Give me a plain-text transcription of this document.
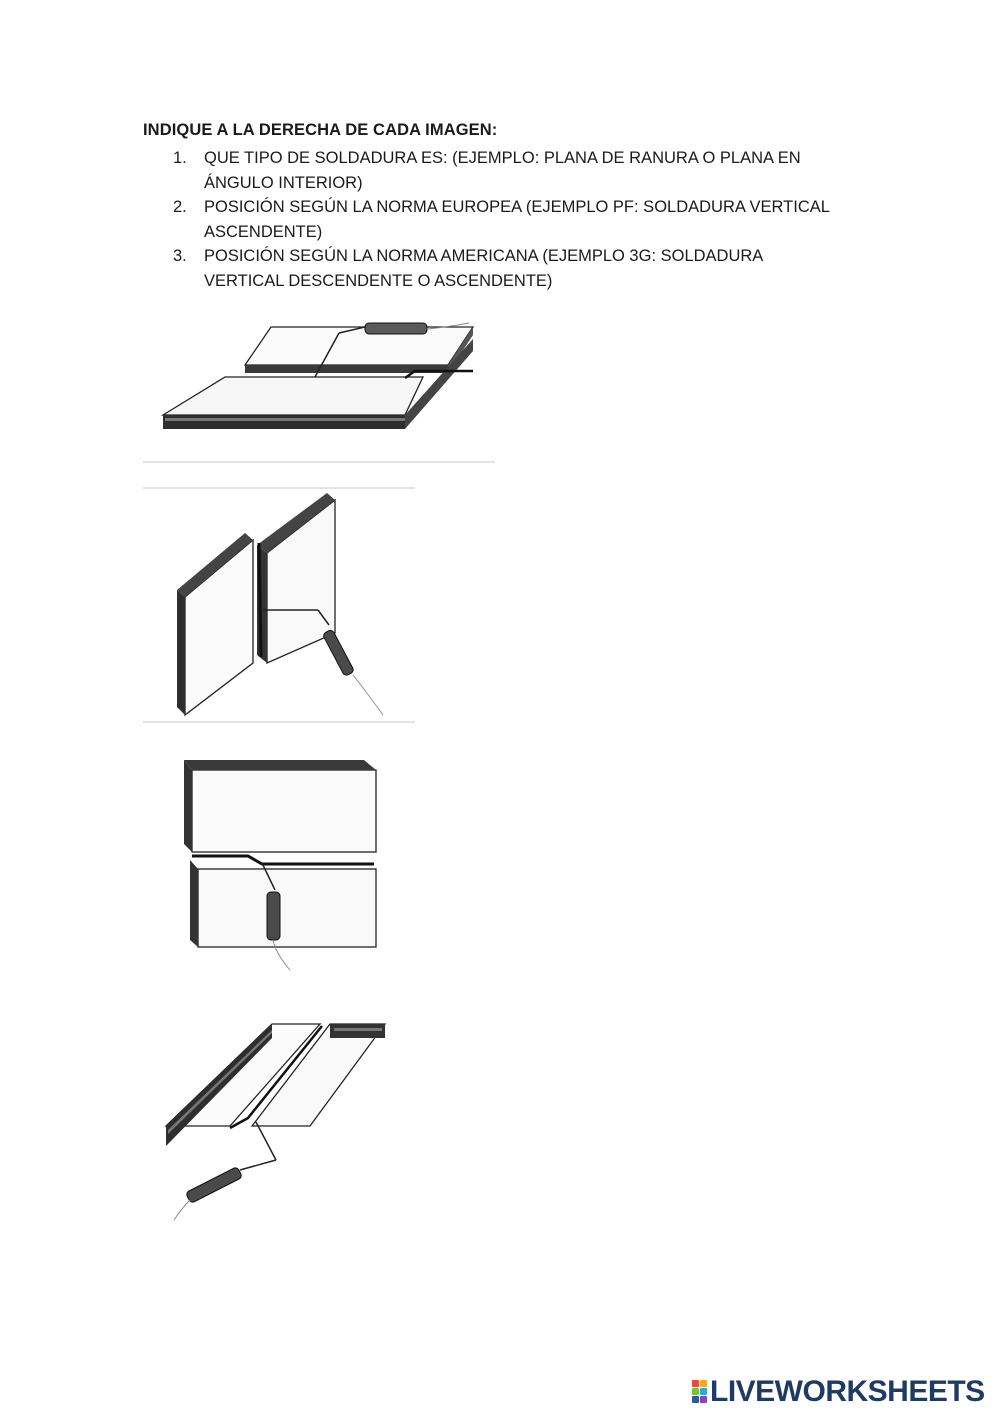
INDIQUE A LA DERECHA DE CADA IMAGEN:
1. QUE TIPO DE SOLDADURA ES: (EJEMPLO: PLANA DE RANURA O PLANA EN ÁNGULO INTERIOR)
2. POSICIÓN SEGÚN LA NORMA EUROPEA (EJEMPLO PF: SOLDADURA VERTICAL ASCENDENTE)
3. POSICIÓN SEGÚN LA NORMA AMERICANA (EJEMPLO 3G: SOLDADURA VERTICAL DESCENDENTE O ASCENDENTE)
LIVEWORKSHEETS
